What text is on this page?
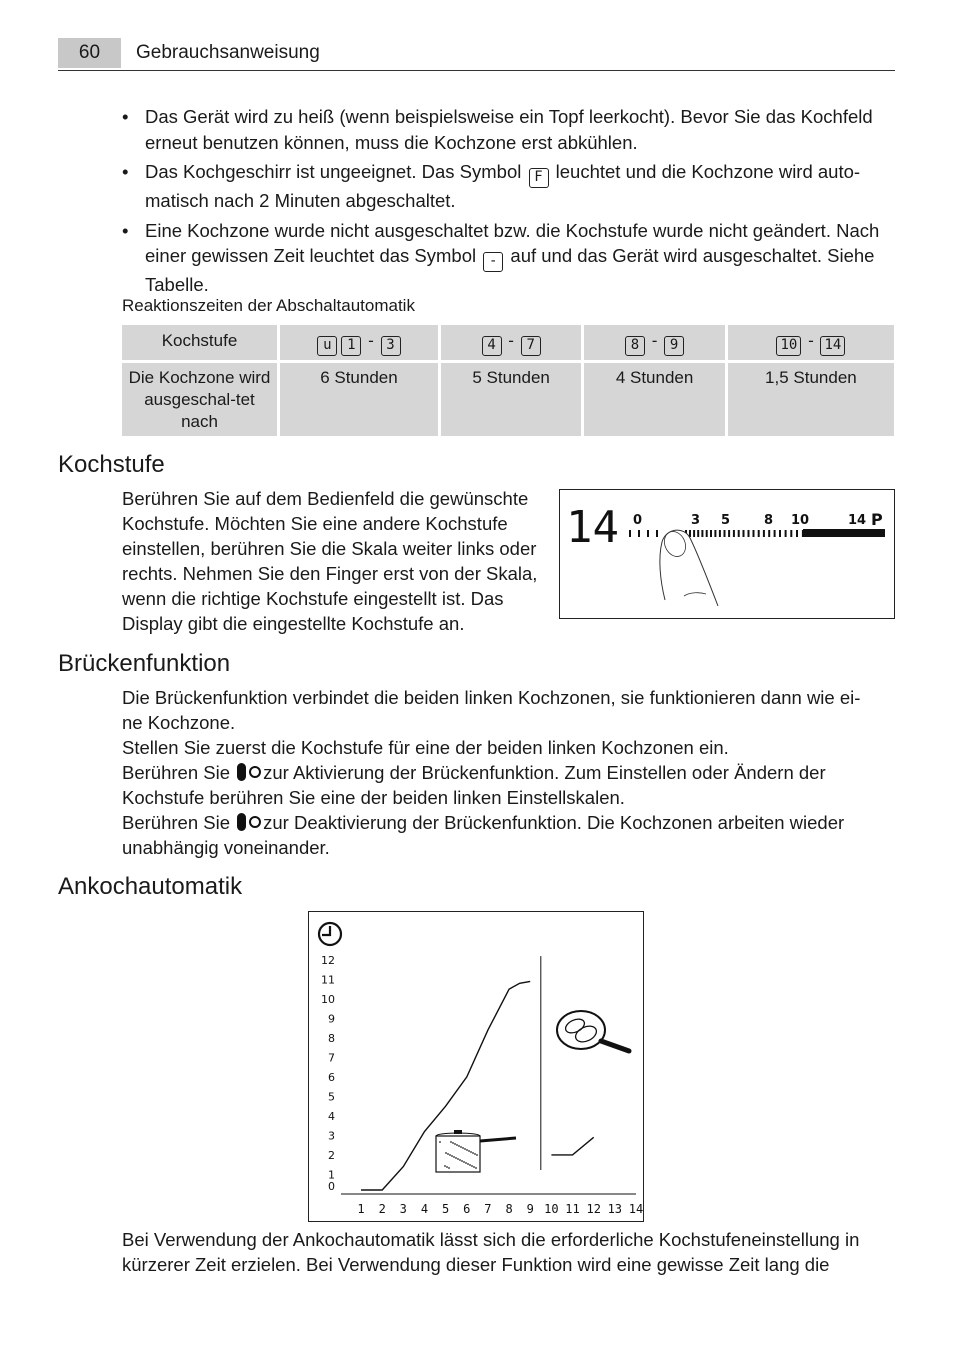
60	Gebrauchsanweisung
• Das Gerät wird zu heiß (wenn beispielsweise ein Topf leerkocht). Bevor Sie das Kochfeld erneut benutzen können, muss die Kochzone erst abkühlen.
• Das Kochgeschirr ist ungeeignet. Das Symbol F leuchtet und die Kochzone wird auto-matisch nach 2 Minuten abgeschaltet.
• Eine Kochzone wurde nicht ausgeschaltet bzw. die Kochstufe wurde nicht geändert. Nach einer gewissen Zeit leuchtet das Symbol - auf und das Gerät wird ausgeschaltet. Siehe Tabelle.
Reaktionszeiten der Abschaltautomatik
Kochstufe	u 1 - 3	4 - 7	8 - 9	10 - 14
Die Kochzone wird ausgeschal-tet nach	6 Stunden	5 Stunden	4 Stunden	1,5 Stunden
Kochstufe
Berühren Sie auf dem Bedienfeld die gewünschte
Kochstufe. Möchten Sie eine andere Kochstufe
einstellen, berühren Sie die Skala weiter links oder
rechts. Nehmen Sie den Finger erst von der Skala,
wenn die richtige Kochstufe eingestellt ist. Das
Display gibt die eingestellte Kochstufe an.
14 0	3 5	8 10	14 P
Brückenfunktion
Die Brückenfunktion verbindet die beiden linken Kochzonen, sie funktionieren dann wie ei-
ne Kochzone.
Stellen Sie zuerst die Kochstufe für eine der beiden linken Kochzonen ein.
Berühren Sie zur Aktivierung der Brückenfunktion. Zum Einstellen oder Ändern der
Kochstufe berühren Sie eine der beiden linken Einstellskalen.
Berühren Sie zur Deaktivierung der Brückenfunktion. Die Kochzonen arbeiten wieder
unabhängig voneinander.
Ankochautomatik
0
1
2
3
4
5
6
7
8
9
10
11
12
1 2 3 4 5 6 7 8 9 10 11 12 13 14
Bei Verwendung der Ankochautomatik lässt sich die erforderliche Kochstufeneinstellung in
kürzerer Zeit erzielen. Bei Verwendung dieser Funktion wird eine gewisse Zeit lang die
